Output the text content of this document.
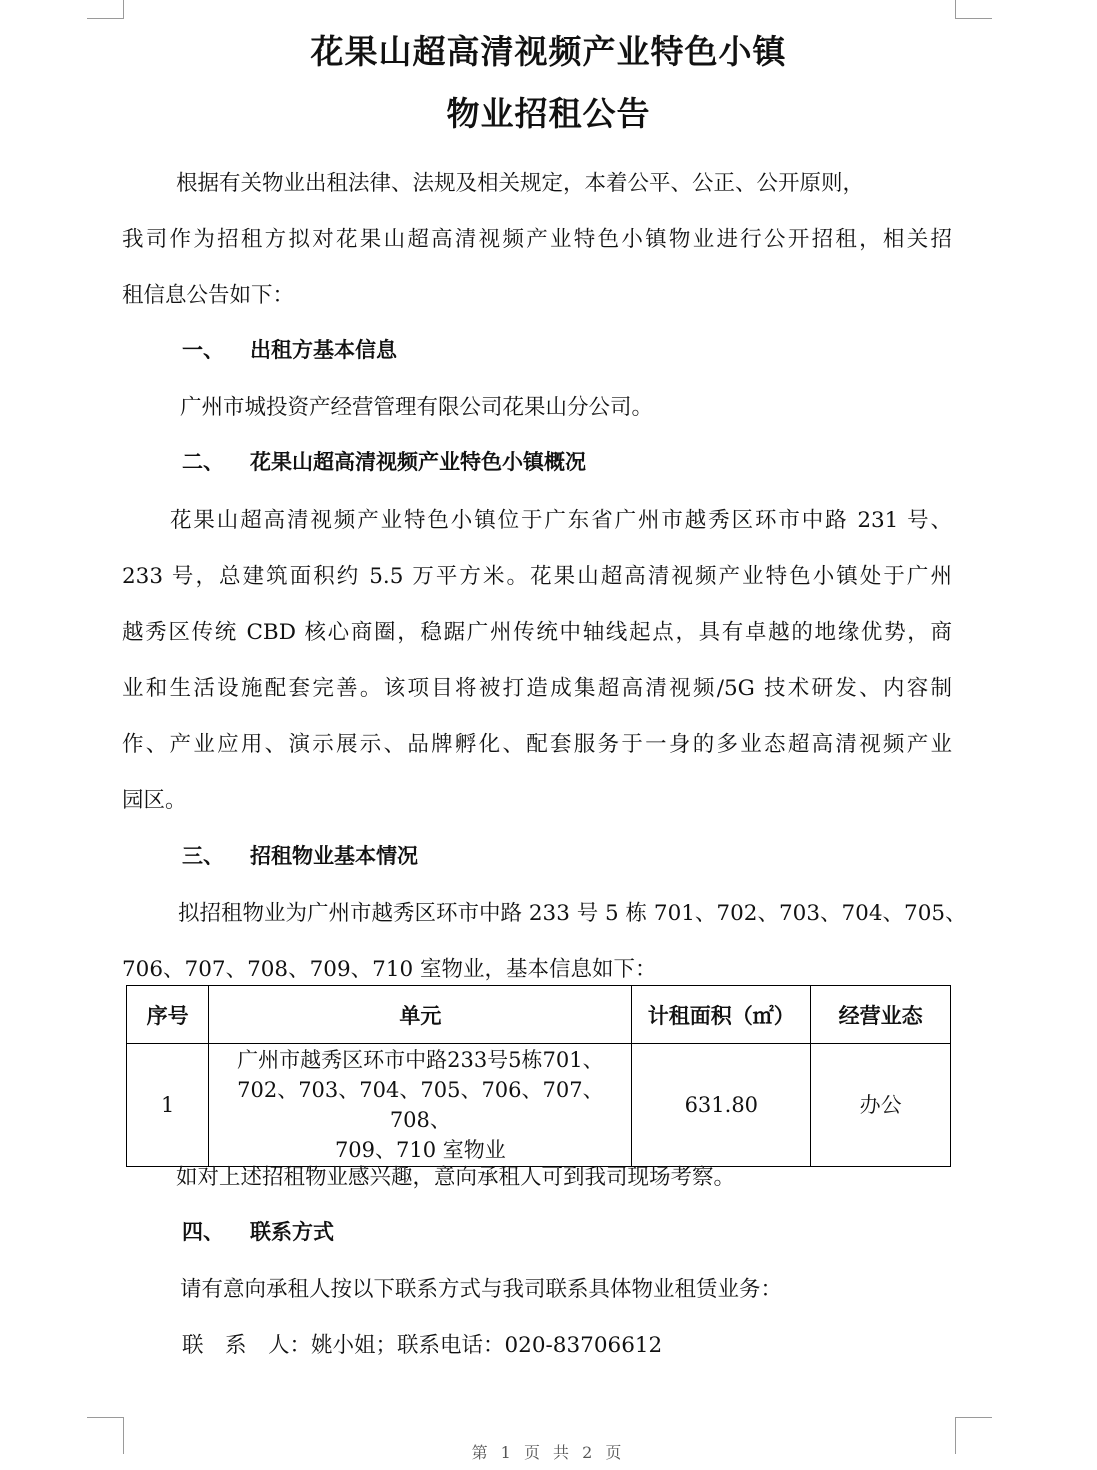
花果山超高清视频产业特色小镇
物业招租公告
根据有关物业出租法律、法规及相关规定，本着公平、公正、公开原则，
我司作为招租方拟对花果山超高清视频产业特色小镇物业进行公开招租，相关招
租信息公告如下：
一、 出租方基本信息
广州市城投资产经营管理有限公司花果山分公司。
二、 花果山超高清视频产业特色小镇概况
花果山超高清视频产业特色小镇位于广东省广州市越秀区环市中路 231 号、
233 号，总建筑面积约 5.5 万平方米。花果山超高清视频产业特色小镇处于广州
越秀区传统 CBD 核心商圈，稳踞广州传统中轴线起点，具有卓越的地缘优势，商
业和生活设施配套完善。该项目将被打造成集超高清视频/5G 技术研发、内容制
作、产业应用、演示展示、品牌孵化、配套服务于一身的多业态超高清视频产业
园区。
三、 招租物业基本情况
拟招租物业为广州市越秀区环市中路 233 号 5 栋 701、702、703、704、705、
706、707、708、709、710 室物业，基本信息如下：
序号	单元	计租面积（㎡）	经营业态
1	广州市越秀区环市中路233号5栋701、
702、703、704、705、706、707、708、
709、710 室物业	631.80	办公
如对上述招租物业感兴趣，意向承租人可到我司现场考察。
四、 联系方式
请有意向承租人按以下联系方式与我司联系具体物业租赁业务：
联　系　人：姚小姐；联系电话：020-83706612
第 1 页 共 2 页
